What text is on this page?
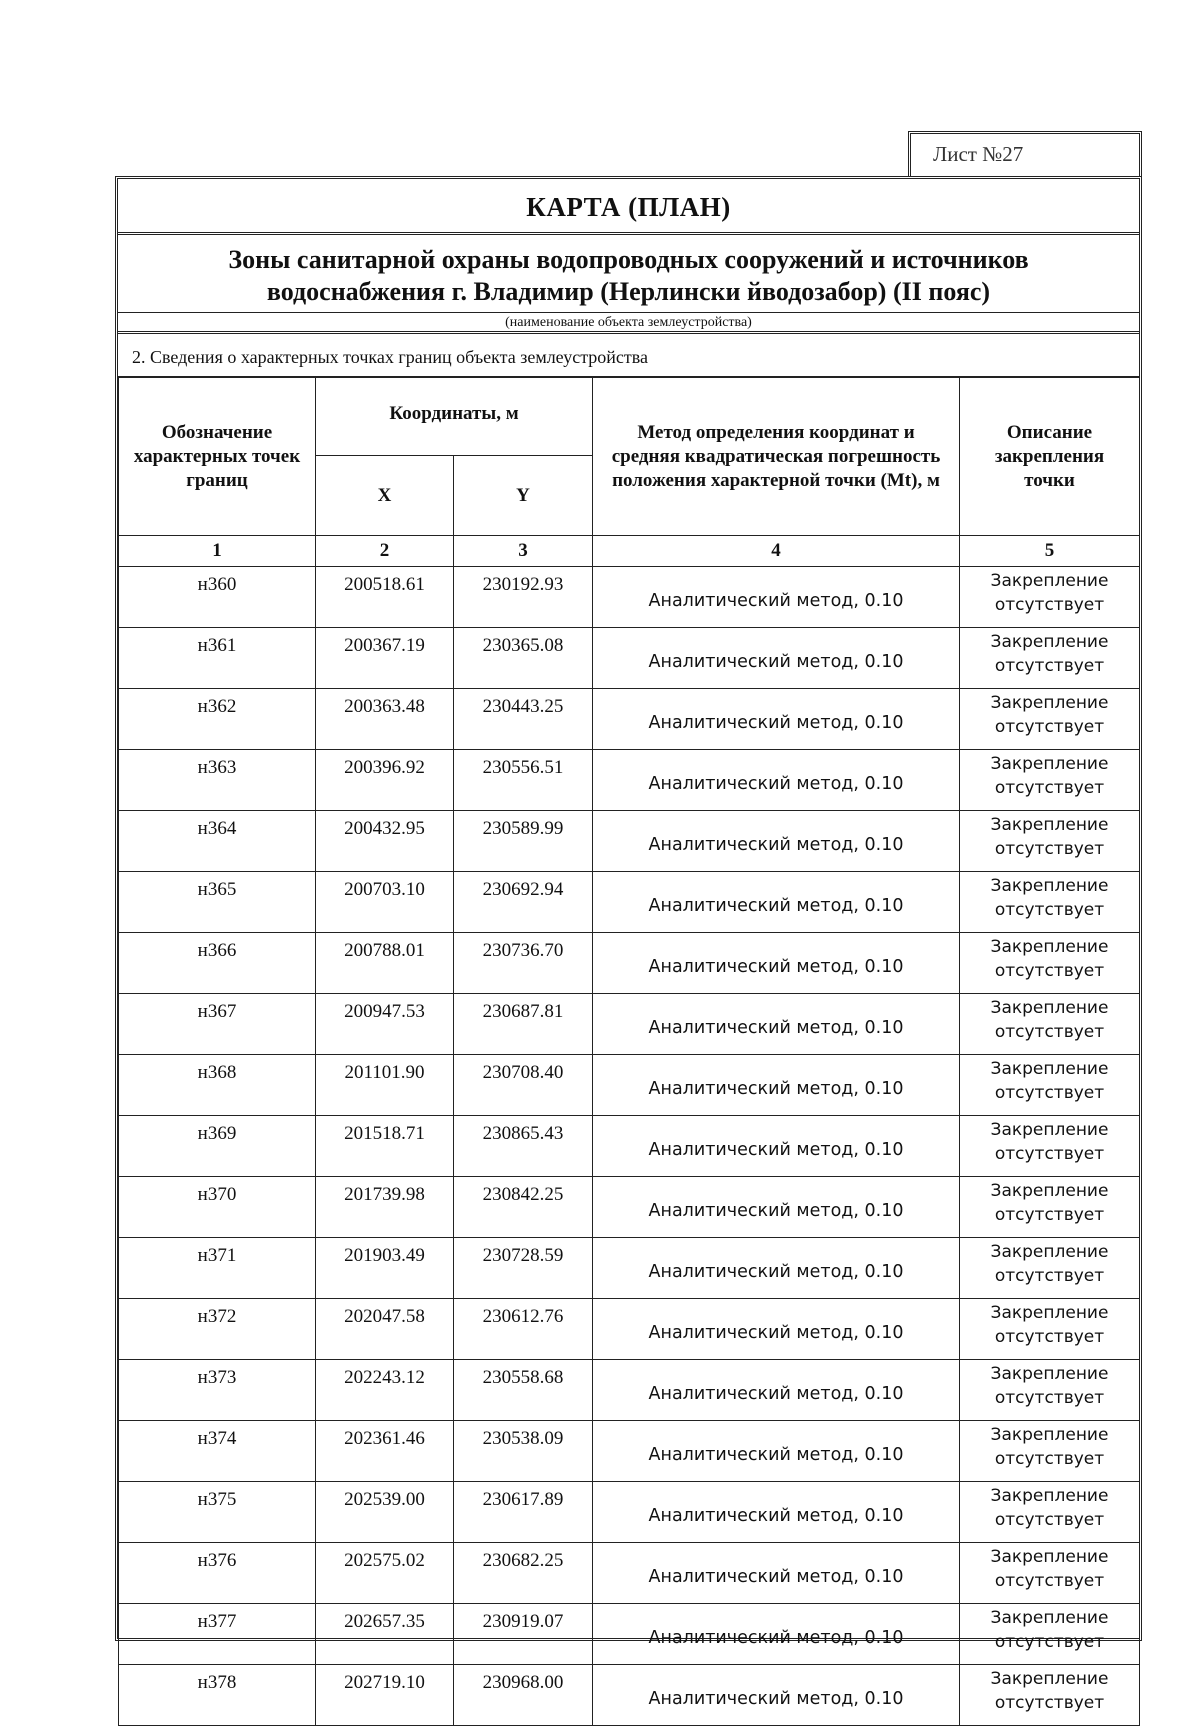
Лист №27
КАРТА (ПЛАН)
Зоны санитарной охраны водопроводных сооружений и источников
водоснабжения г. Владимир (Нерлински йводозабор) (II пояс)
(наименование объекта землеустройства)
2. Сведения о характерных точках границ объекта землеустройства
Обозначение характерных точек границ	Координаты, м		Метод определения координат и средняя квадратическая погрешность положения характерной точки (Mt), м	Описание закрепления точки
	X	Y		
1	2	3	4	5
н360	200518.61	230192.93	Аналитический метод, 0.10	Закрепление отсутствует
н361	200367.19	230365.08	Аналитический метод, 0.10	Закрепление отсутствует
н362	200363.48	230443.25	Аналитический метод, 0.10	Закрепление отсутствует
н363	200396.92	230556.51	Аналитический метод, 0.10	Закрепление отсутствует
н364	200432.95	230589.99	Аналитический метод, 0.10	Закрепление отсутствует
н365	200703.10	230692.94	Аналитический метод, 0.10	Закрепление отсутствует
н366	200788.01	230736.70	Аналитический метод, 0.10	Закрепление отсутствует
н367	200947.53	230687.81	Аналитический метод, 0.10	Закрепление отсутствует
н368	201101.90	230708.40	Аналитический метод, 0.10	Закрепление отсутствует
н369	201518.71	230865.43	Аналитический метод, 0.10	Закрепление отсутствует
н370	201739.98	230842.25	Аналитический метод, 0.10	Закрепление отсутствует
н371	201903.49	230728.59	Аналитический метод, 0.10	Закрепление отсутствует
н372	202047.58	230612.76	Аналитический метод, 0.10	Закрепление отсутствует
н373	202243.12	230558.68	Аналитический метод, 0.10	Закрепление отсутствует
н374	202361.46	230538.09	Аналитический метод, 0.10	Закрепление отсутствует
н375	202539.00	230617.89	Аналитический метод, 0.10	Закрепление отсутствует
н376	202575.02	230682.25	Аналитический метод, 0.10	Закрепление отсутствует
н377	202657.35	230919.07	Аналитический метод, 0.10	Закрепление отсутствует
н378	202719.10	230968.00	Аналитический метод, 0.10	Закрепление отсутствует
